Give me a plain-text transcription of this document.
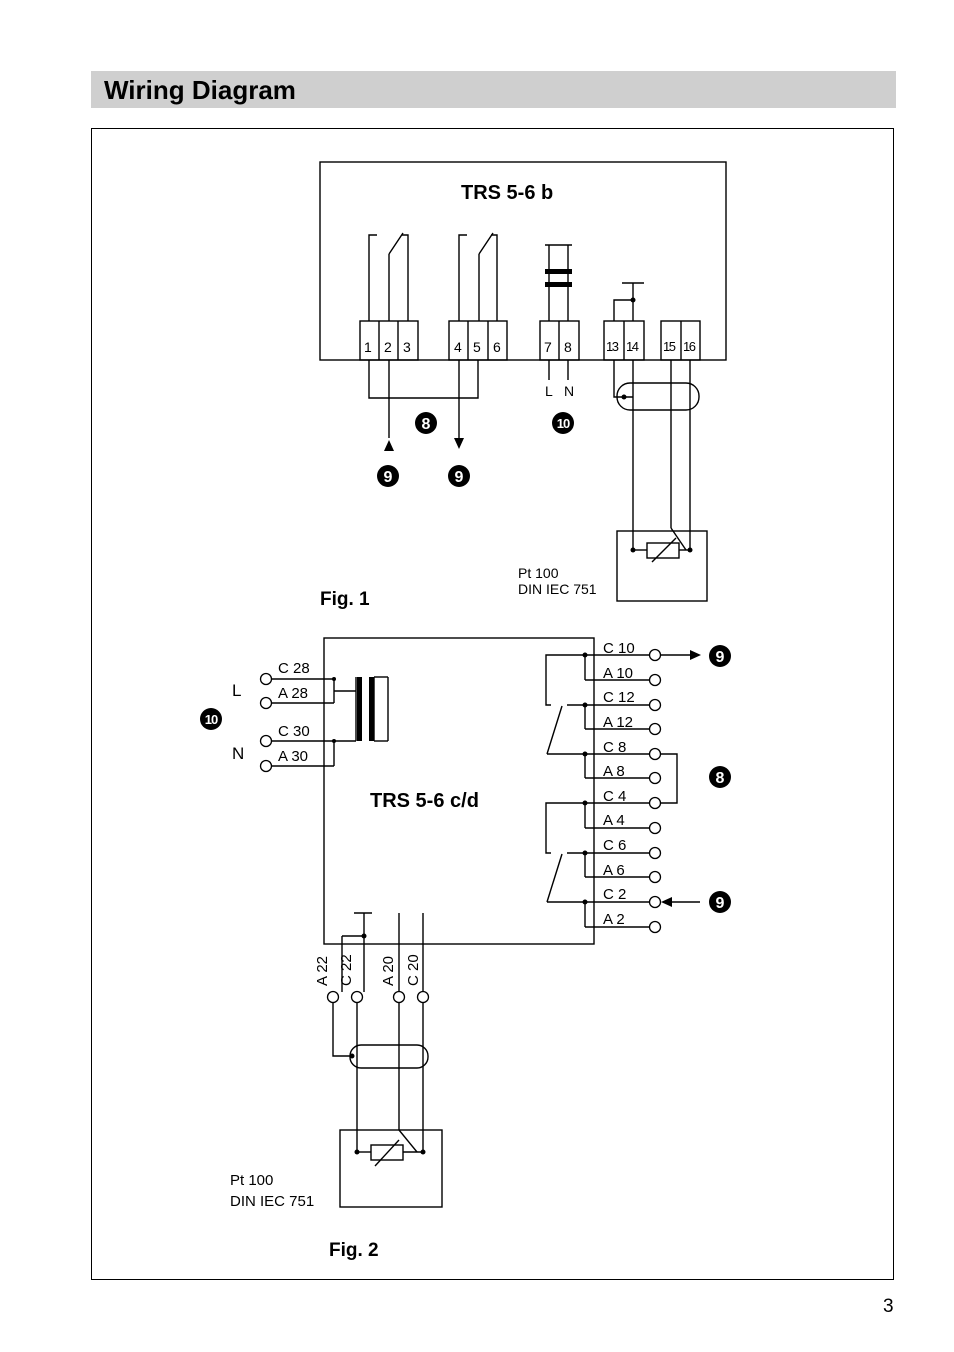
Wiring Diagram
TRS 5-6 b
1 2 3	4 5 6	7 8	13 14 15 16
L N
Pt 100
DIN IEC 751
Fig. 1
8	10
9	9
TRS 5-6 c/d
C 28
A 28
C 30
A 30
L
N
C 10
A 10
C 12
A 12
C 8
A 8
C 4
A 4
C 6
A 6
C 2
A 2
A 22 C 22 A 20 C 20
Pt 100
DIN IEC 751
Fig. 2
10
9
8
9
3
